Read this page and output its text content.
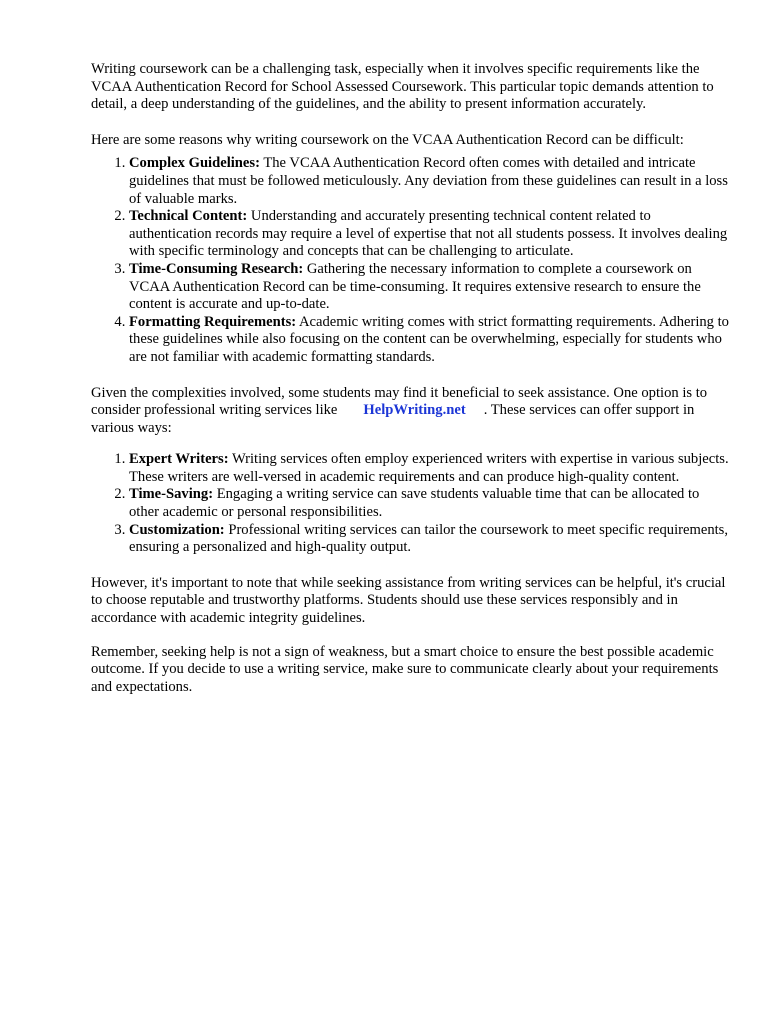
Writing coursework can be a challenging task, especially when it involves specific requirements like the VCAA Authentication Record for School Assessed Coursework. This particular topic demands attention to detail, a deep understanding of the guidelines, and the ability to present information accurately.

Here are some reasons why writing coursework on the VCAA Authentication Record can be difficult:

1. Complex Guidelines: The VCAA Authentication Record often comes with detailed and intricate guidelines that must be followed meticulously. Any deviation from these guidelines can result in a loss of valuable marks.
2. Technical Content: Understanding and accurately presenting technical content related to authentication records may require a level of expertise that not all students possess. It involves dealing with specific terminology and concepts that can be challenging to articulate.
3. Time-Consuming Research: Gathering the necessary information to complete a coursework on VCAA Authentication Record can be time-consuming. It requires extensive research to ensure the content is accurate and up-to-date.
4. Formatting Requirements: Academic writing comes with strict formatting requirements. Adhering to these guidelines while also focusing on the content can be overwhelming, especially for students who are not familiar with academic formatting standards.

Given the complexities involved, some students may find it beneficial to seek assistance. One option is to consider professional writing services like HelpWriting.net . These services can offer support in various ways:

1. Expert Writers: Writing services often employ experienced writers with expertise in various subjects. These writers are well-versed in academic requirements and can produce high-quality content.
2. Time-Saving: Engaging a writing service can save students valuable time that can be allocated to other academic or personal responsibilities.
3. Customization: Professional writing services can tailor the coursework to meet specific requirements, ensuring a personalized and high-quality output.

However, it's important to note that while seeking assistance from writing services can be helpful, it's crucial to choose reputable and trustworthy platforms. Students should use these services responsibly and in accordance with academic integrity guidelines.

Remember, seeking help is not a sign of weakness, but a smart choice to ensure the best possible academic outcome. If you decide to use a writing service, make sure to communicate clearly about your requirements and expectations.
